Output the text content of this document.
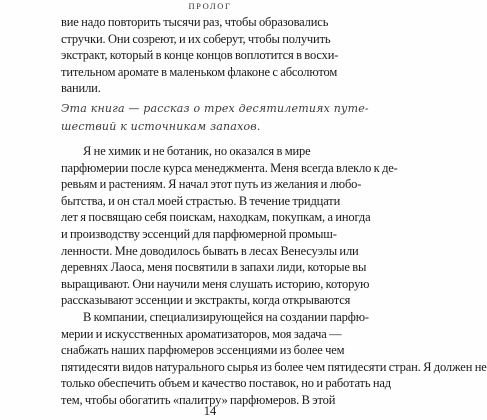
ПРОЛОГ

вие надо повторить тысячи раз, чтобы образовались
стручки. Они созреют, и их соберут, чтобы получить
экстракт, который в конце концов воплотится в восхи-
тительном аромате в маленьком флаконе с абсолютом
ванили.

Эта книга — рассказ о трех десятилетиях путе-
шествий к источникам запахов.

Я не химик и не ботаник, но оказался в мире
парфюмерии после курса менеджмента. Меня всегда влекло к де-
ревьям и растениям. Я начал этот путь из желания и любо-
бытства, и он стал моей страстью. В течение тридцати
лет я посвящаю себя поискам, находкам, покупкам, а иногда
и производству эссенций для парфюмерной промыш-
ленности. Мне доводилось бывать в лесах Венесуэлы или
деревнях Лаоса, меня посвятили в запахи лиди, которые вы
выращивают. Они научили меня слушать историю, которую
рассказывают эссенции и экстракты, когда открываются

В компании, специализирующейся на создании парфю-
мерии и искусственных ароматизаторов, моя задача —
снабжать наших парфюмеров эссенциями из более чем
пятидесяти видов натурального сырья из более чем пятидесяти стран. Я должен не
только обеспечить объем и качество поставок, но и работать над
тем, чтобы обогатить «палитру» парфюмеров. В этой

14
